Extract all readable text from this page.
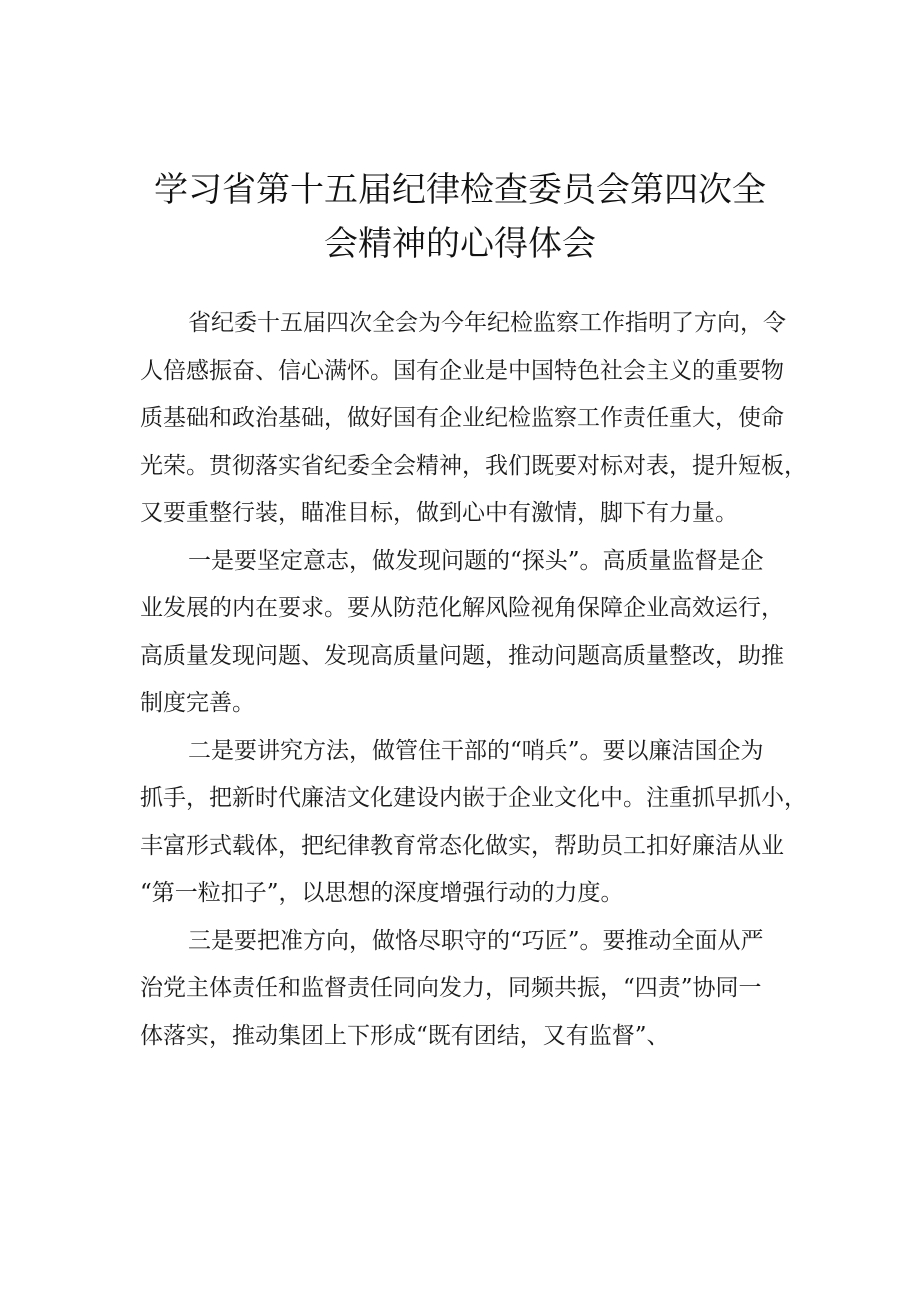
学习省第十五届纪律检查委员会第四次全
会精神的心得体会
省纪委十五届四次全会为今年纪检监察工作指明了方向，令
人倍感振奋、信心满怀。国有企业是中国特色社会主义的重要物
质基础和政治基础，做好国有企业纪检监察工作责任重大，使命
光荣。贯彻落实省纪委全会精神，我们既要对标对表，提升短板，
又要重整行装，瞄准目标，做到心中有激情，脚下有力量。
一是要坚定意志，做发现问题的“探头”。高质量监督是企
业发展的内在要求。要从防范化解风险视角保障企业高效运行，
高质量发现问题、发现高质量问题，推动问题高质量整改，助推
制度完善。
二是要讲究方法，做管住干部的“哨兵”。要以廉洁国企为
抓手，把新时代廉洁文化建设内嵌于企业文化中。注重抓早抓小，
丰富形式载体，把纪律教育常态化做实，帮助员工扣好廉洁从业
“第一粒扣子”，以思想的深度增强行动的力度。
三是要把准方向，做恪尽职守的“巧匠”。要推动全面从严
治党主体责任和监督责任同向发力，同频共振，“四责”协同一
体落实，推动集团上下形成“既有团结，又有监督”、
